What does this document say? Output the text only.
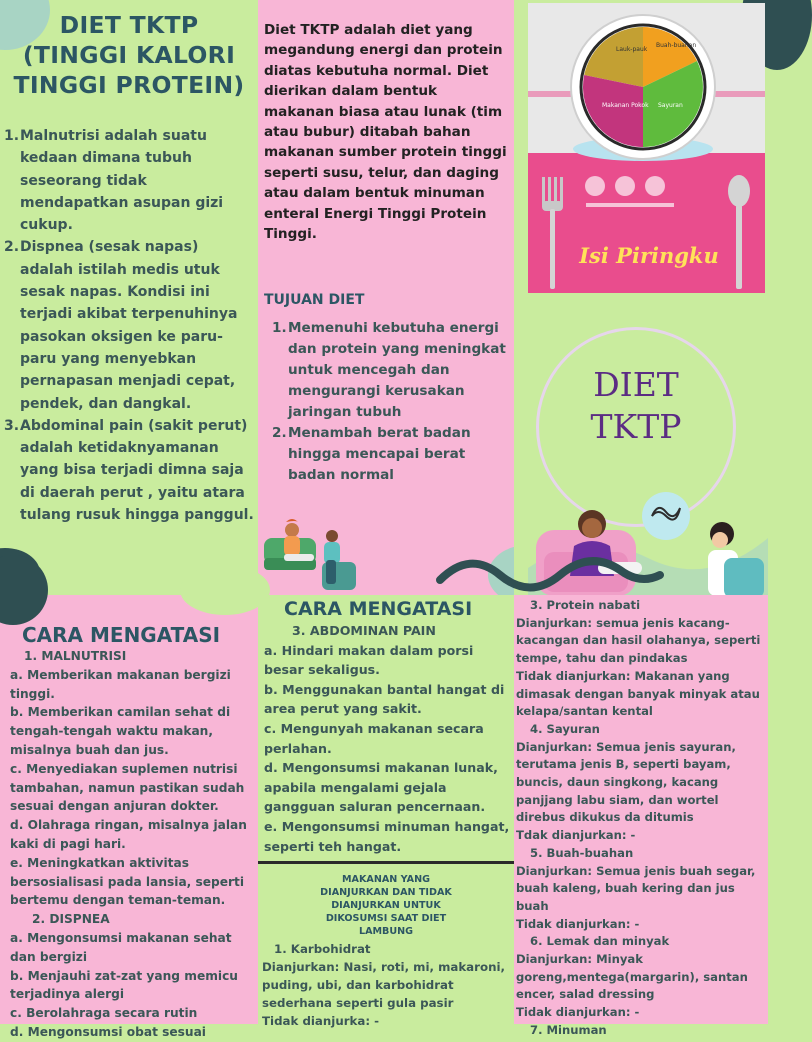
DIET TKTP
(TINGGI KALORI
TINGGI PROTEIN)
1. Malnutrisi adalah suatu kedaan dimana tubuh seseorang tidak mendapatkan asupan gizi cukup.
2. Dispnea (sesak napas) adalah istilah medis utuk sesak napas. Kondisi ini terjadi akibat terpenuhinya pasokan oksigen ke paru-paru yang menyebkan pernapasan menjadi cepat, pendek, dan dangkal.
3. Abdominal pain (sakit perut) adalah ketidaknyamanan yang bisa terjadi dimna saja di daerah perut , yaitu atara tulang rusuk hingga panggul.

Diet TKTP adalah diet yang megandung energi dan protein diatas kebutuha normal. Diet dierikan dalam bentuk makanan biasa atau lunak (tim atau bubur) ditabah bahan makanan sumber protein tinggi seperti susu, telur, dan daging atau dalam bentuk minuman enteral Energi Tinggi Protein Tinggi.

TUJUAN DIET
1. Memenuhi kebutuha energi dan protein yang meningkat untuk mencegah dan mengurangi kerusakan jaringan tubuh
2. Menambah berat badan hingga mencapai berat badan normal
Lauk-pauk
Buah-buahan
Makanan Pokok Sayuran
Isi Piringku
DIET
TKTP
CARA MENGATASI
1. MALNUTRISI
a. Memberikan makanan bergizi tinggi.
b. Memberikan camilan sehat di tengah-tengah waktu makan, misalnya buah dan jus.
c. Menyediakan suplemen nutrisi tambahan, namun pastikan sudah sesuai dengan anjuran dokter.
d. Olahraga ringan, misalnya jalan kaki di pagi hari.
e. Meningkatkan aktivitas bersosialisasi pada lansia, seperti bertemu dengan teman-teman.
2. DISPNEA
a. Mengonsumsi makanan sehat dan bergizi
b. Menjauhi zat-zat yang memicu terjadinya alergi
c. Berolahraga secara rutin
d. Mengonsumsi obat sesuai
CARA MENGATASI
3. ABDOMINAN PAIN
a. Hindari makan dalam porsi besar sekaligus.
b. Menggunakan bantal hangat di area perut yang sakit.
c. Mengunyah makanan secara perlahan.
d. Mengonsumsi makanan lunak, apabila mengalami gejala gangguan saluran pencernaan.
e. Mengonsumsi minuman hangat, seperti teh hangat.
MAKANAN YANG
DIANJURKAN DAN TIDAK
DIANJURKAN UNTUK
DIKOSUMSI SAAT DIET
LAMBUNG
1. Karbohidrat
Dianjurkan: Nasi, roti, mi, makaroni, puding, ubi, dan karbohidrat sederhana seperti gula pasir
Tidak dianjurka: -
3. Protein nabati
Dianjurkan: semua jenis kacang-kacangan dan hasil olahanya, seperti tempe, tahu dan pindakas
Tidak dianjurkan: Makanan yang dimasak dengan banyak minyak atau kelapa/santan kental
4. Sayuran
Dianjurkan: Semua jenis sayuran, terutama jenis B, seperti bayam, buncis, daun singkong, kacang panjjang labu siam, dan wortel direbus dikukus da ditumis
Tdak dianjurkan: -
5. Buah-buahan
Dianjurkan: Semua jenis buah segar, buah kaleng, buah kering dan jus buah
Tidak dianjurkan: -
6. Lemak dan minyak
Dianjurkan: Minyak goreng,mentega(margarin), santan encer, salad dressing
Tidak dianjurkan: -
7. Minuman
